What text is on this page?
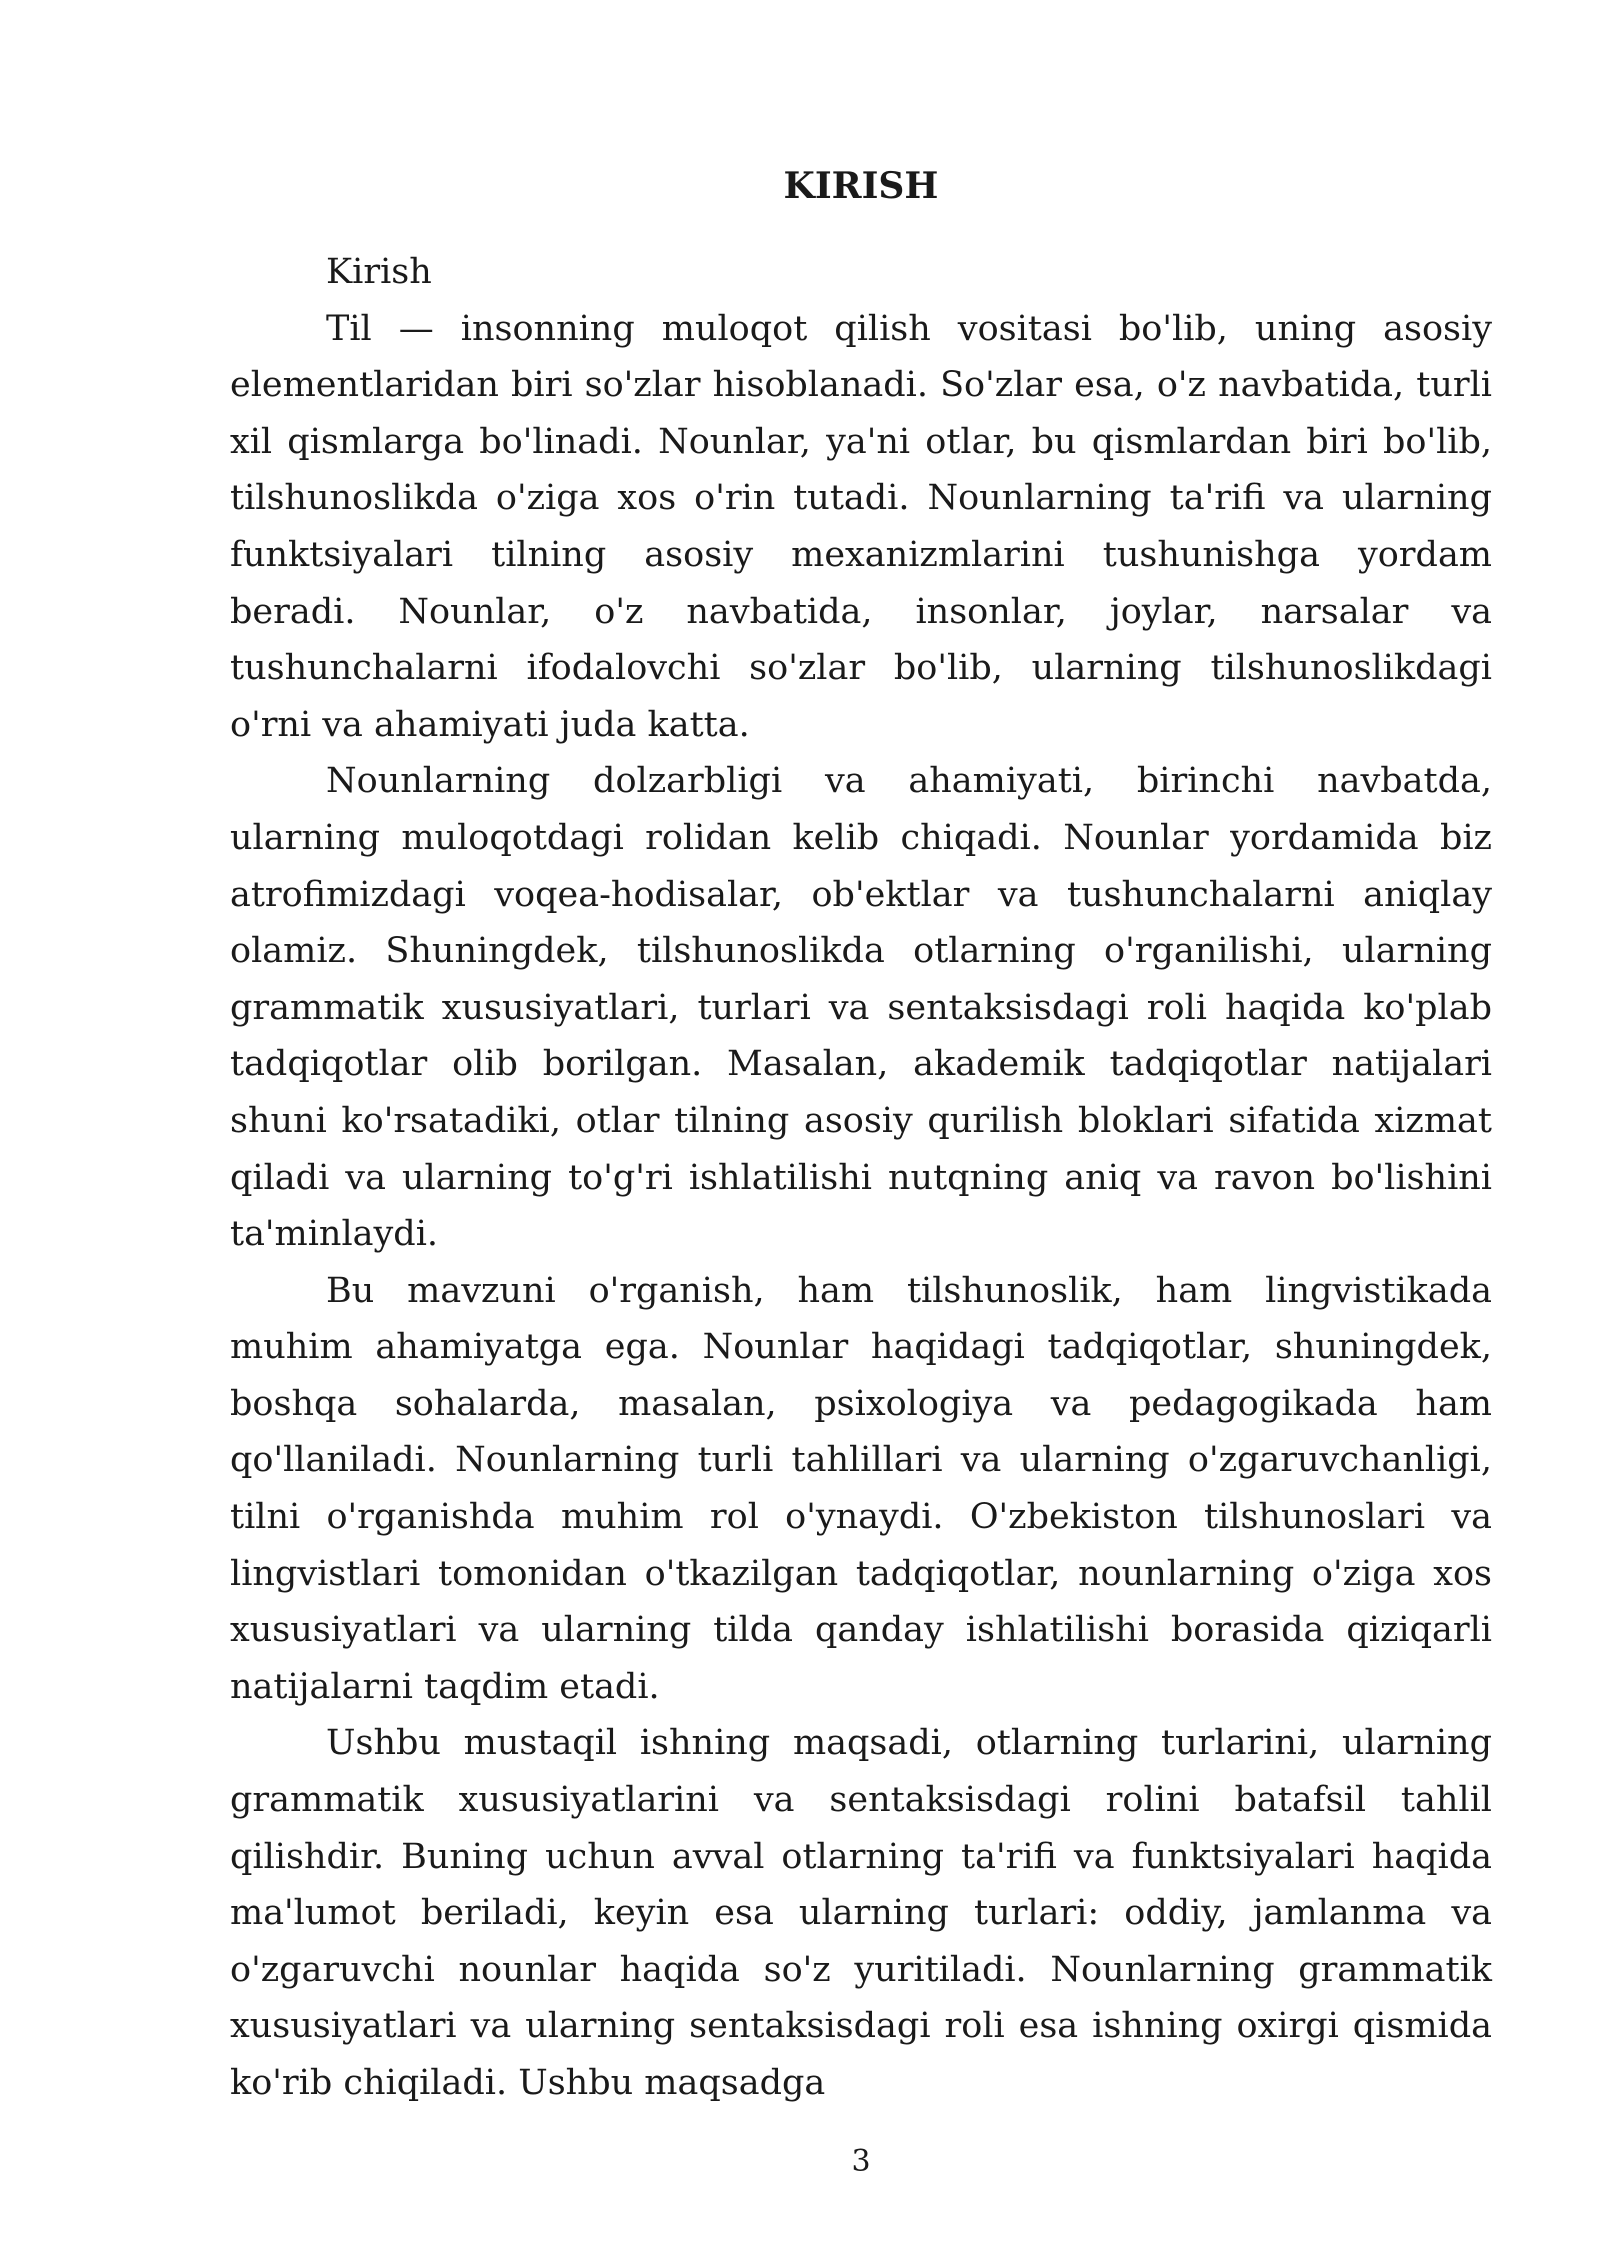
KIRISH

Kirish

Til — insonning muloqot qilish vositasi bo'lib, uning asosiy elementlaridan biri so'zlar hisoblanadi. So'zlar esa, o'z navbatida, turli xil qismlarga bo'linadi. Nounlar, ya'ni otlar, bu qismlardan biri bo'lib, tilshunoslikda o'ziga xos o'rin tutadi. Nounlarning ta'rifi va ularning funktsiyalari tilning asosiy mexanizmlarini tushunishga yordam beradi. Nounlar, o'z navbatida, insonlar, joylar, narsalar va tushunchalarni ifodalovchi so'zlar bo'lib, ularning tilshunoslikdagi o'rni va ahamiyati juda katta.

Nounlarning dolzarbligi va ahamiyati, birinchi navbatda, ularning muloqotdagi rolidan kelib chiqadi. Nounlar yordamida biz atrofimizdagi voqea-hodisalar, ob'ektlar va tushunchalarni aniqlay olamiz. Shuningdek, tilshunoslikda otlarning o'rganilishi, ularning grammatik xususiyatlari, turlari va sentaksisdagi roli haqida ko'plab tadqiqotlar olib borilgan. Masalan, akademik tadqiqotlar natijalari shuni ko'rsatadiki, otlar tilning asosiy qurilish bloklari sifatida xizmat qiladi va ularning to'g'ri ishlatilishi nutqning aniq va ravon bo'lishini ta'minlaydi.

Bu mavzuni o'rganish, ham tilshunoslik, ham lingvistikada muhim ahamiyatga ega. Nounlar haqidagi tadqiqotlar, shuningdek, boshqa sohalarda, masalan, psixologiya va pedagogikada ham qo'llaniladi. Nounlarning turli tahlillari va ularning o'zgaruvchanligi, tilni o'rganishda muhim rol o'ynaydi. O'zbekiston tilshunoslari va lingvistlari tomonidan o'tkazilgan tadqiqotlar, nounlarning o'ziga xos xususiyatlari va ularning tilda qanday ishlatilishi borasida qiziqarli natijalarni taqdim etadi.

Ushbu mustaqil ishning maqsadi, otlarning turlarini, ularning grammatik xususiyatlarini va sentaksisdagi rolini batafsil tahlil qilishdir. Buning uchun avval otlarning ta'rifi va funktsiyalari haqida ma'lumot beriladi, keyin esa ularning turlari: oddiy, jamlanma va o'zgaruvchi nounlar haqida so'z yuritiladi. Nounlarning grammatik xususiyatlari va ularning sentaksisdagi roli esa ishning oxirgi qismida ko'rib chiqiladi. Ushbu maqsadga

3
